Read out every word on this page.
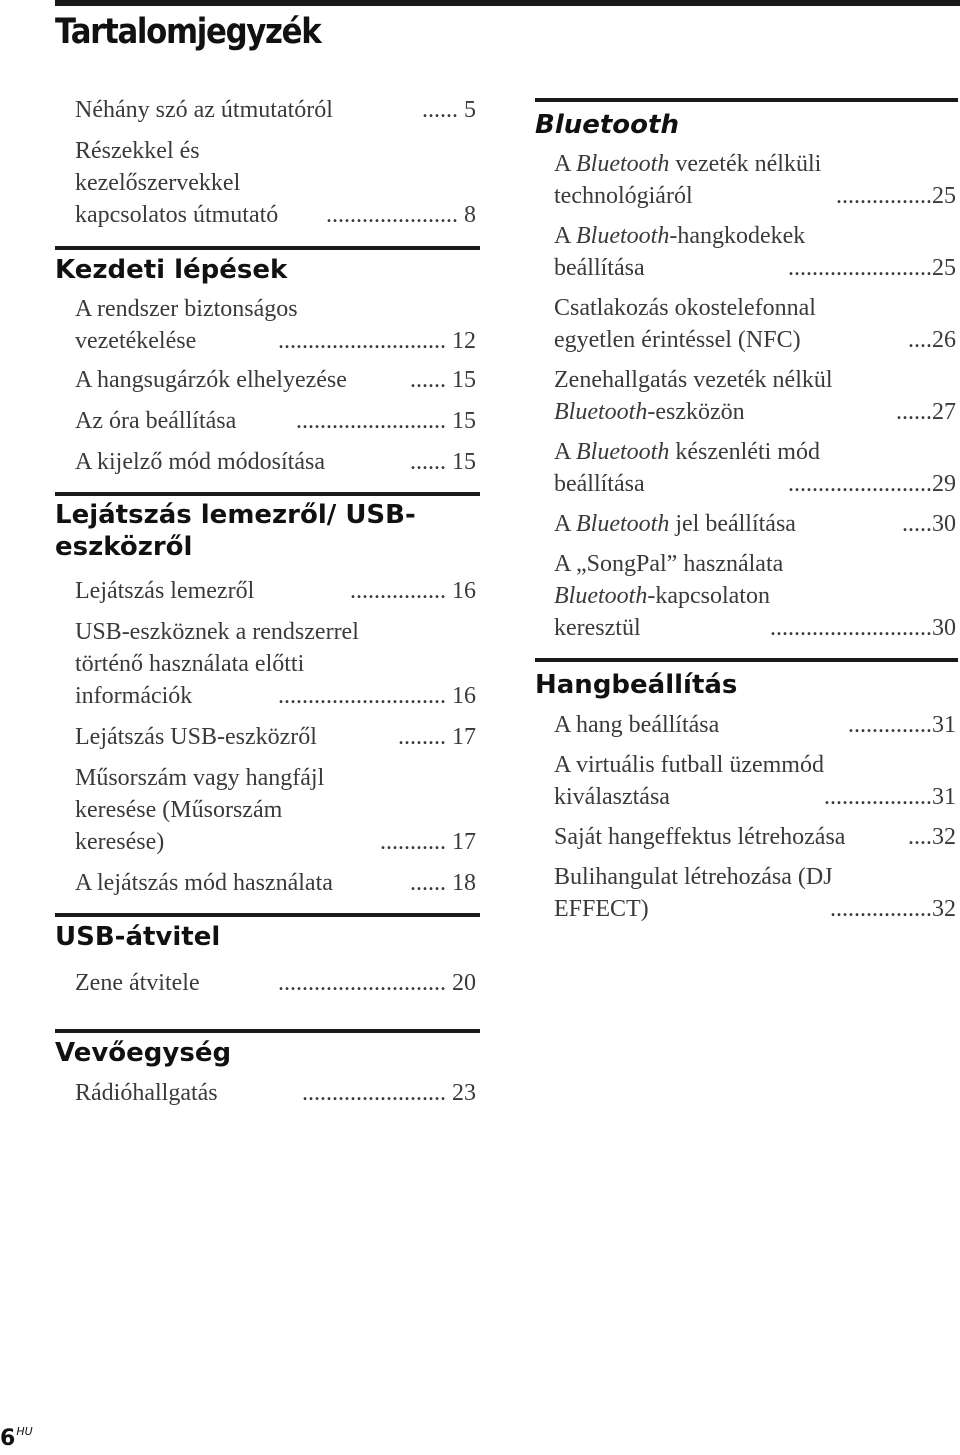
Tartalomjegyzék
Néhány szó az útmutatóról	...... 5
Részekkel és kezelőszervekkel kapcsolatos útmutató	...................... 8
Kezdeti lépések
A rendszer biztonságos vezetékelése	............................ 12
A hangsugárzók elhelyezése	...... 15
Az óra beállítása	......................... 15
A kijelző mód módosítása	...... 15
Lejátszás lemezről/ USB-eszközről
Lejátszás lemezről	................ 16
USB-eszköznek a rendszerrel történő használata előtti információk	............................ 16
Lejátszás USB-eszközről	........ 17
Műsorszám vagy hangfájl keresése (Műsorszám keresése)	........... 17
A lejátszás mód használata	...... 18
USB-átvitel
Zene átvitele	............................ 20
Vevőegység
Rádióhallgatás	........................ 23
Bluetooth
A Bluetooth vezeték nélküli technológiáról	................25
A Bluetooth-hangkodekek beállítása	........................25
Csatlakozás okostelefonnal egyetlen érintéssel (NFC)	....26
Zenehallgatás vezeték nélkül Bluetooth-eszközön	......27
A Bluetooth készenléti mód beállítása	........................29
A Bluetooth jel beállítása	.....30
A „SongPal” használata Bluetooth-kapcsolaton keresztül	...........................30
Hangbeállítás
A hang beállítása	..............31
A virtuális futball üzemmód kiválasztása	..................31
Saját hangeffektus létrehozása	....32
Bulihangulat létrehozása (DJ EFFECT)	.................32
$6^{HU}$
